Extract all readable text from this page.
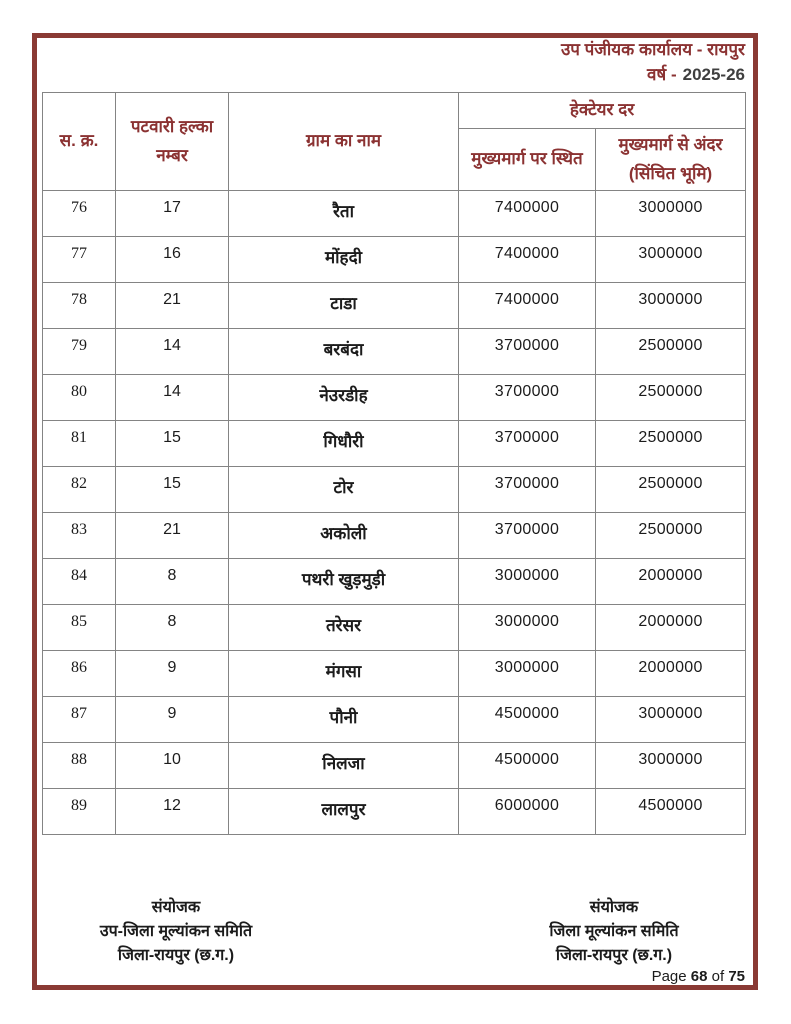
उप पंजीयक कार्यालय - रायपुर
वर्ष - 2025-26
स. क्र.	पटवारी हल्का नम्बर	ग्राम का नाम	हेक्टेयर दर	
			मुख्यमार्ग पर स्थित	मुख्यमार्ग से अंदर (सिंचित भूमि)
76	17	रैता	7400000	3000000
77	16	मोंहदी	7400000	3000000
78	21	टाडा	7400000	3000000
79	14	बरबंदा	3700000	2500000
80	14	नेउरडीह	3700000	2500000
81	15	गिधौरी	3700000	2500000
82	15	टोर	3700000	2500000
83	21	अकोली	3700000	2500000
84	8	पथरी खुड़मुड़ी	3000000	2000000
85	8	तरेसर	3000000	2000000
86	9	मंगसा	3000000	2000000
87	9	पौनी	4500000	3000000
88	10	निलजा	4500000	3000000
89	12	लालपुर	6000000	4500000
संयोजक
उप-जिला मूल्यांकन समिति
जिला-रायपुर (छ.ग.)
संयोजक
जिला मूल्यांकन समिति
जिला-रायपुर (छ.ग.)
Page 68 of 75
